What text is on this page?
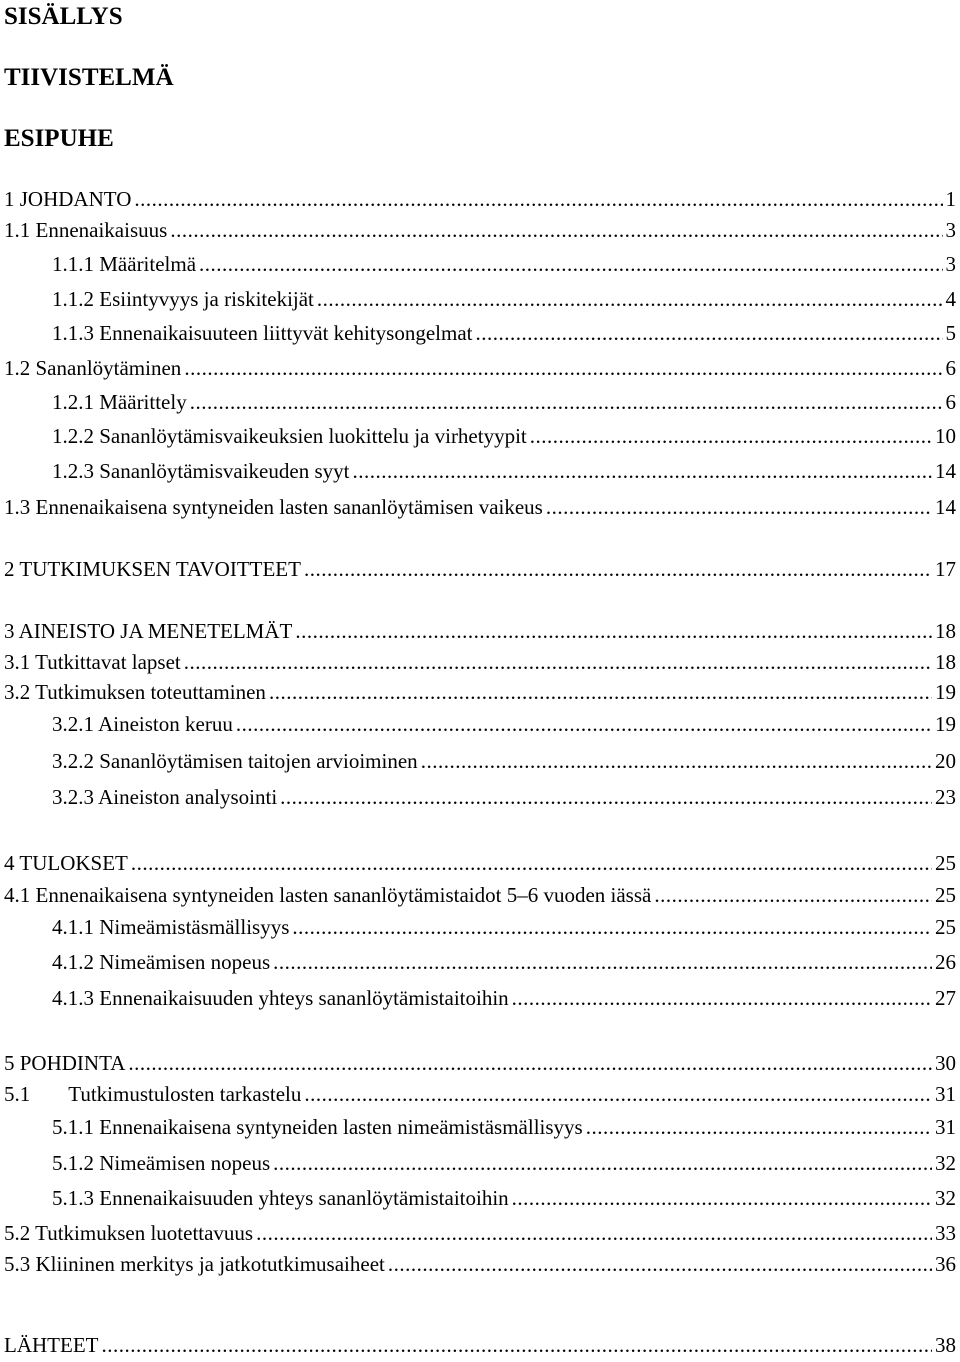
SISÄLLYS
TIIVISTELMÄ
ESIPUHE
1 JOHDANTO .....	1
1.1 Ennenaikaisuus .....	3
1.1.1 Määritelmä .....	3
1.1.2 Esiintyvyys ja riskitekijät .....	4
1.1.3 Ennenaikaisuuteen liittyvät kehitysongelmat .....	5
1.2 Sananlöytäminen .....	6
1.2.1 Määrittely .....	6
1.2.2 Sananlöytämisvaikeuksien luokittelu ja virhetyypit .....	10
1.2.3 Sananlöytämisvaikeuden syyt .....	14
1.3 Ennenaikaisena syntyneiden lasten sananlöytämisen vaikeus .....	14
2 TUTKIMUKSEN TAVOITTEET .....	17
3 AINEISTO JA MENETELMÄT .....	18
3.1 Tutkittavat lapset .....	18
3.2 Tutkimuksen toteuttaminen .....	19
3.2.1 Aineiston keruu .....	19
3.2.2 Sananlöytämisen taitojen arvioiminen .....	20
3.2.3 Aineiston analysointi .....	23
4 TULOKSET .....	25
4.1 Ennenaikaisena syntyneiden lasten sananlöytämistaidot 5–6 vuoden iässä .....	25
4.1.1 Nimeämistäsmällisyys .....	25
4.1.2 Nimeämisen nopeus .....	26
4.1.3 Ennenaikaisuuden yhteys sananlöytämistaitoihin .....	27
5 POHDINTA .....	30
5.1 Tutkimustulosten tarkastelu .....	31
5.1.1 Ennenaikaisena syntyneiden lasten nimeämistäsmällisyys .....	31
5.1.2 Nimeämisen nopeus .....	32
5.1.3 Ennenaikaisuuden yhteys sananlöytämistaitoihin .....	32
5.2 Tutkimuksen luotettavuus .....	33
5.3 Kliininen merkitys ja jatkotutkimusaiheet .....	36
LÄHTEET .....	38
